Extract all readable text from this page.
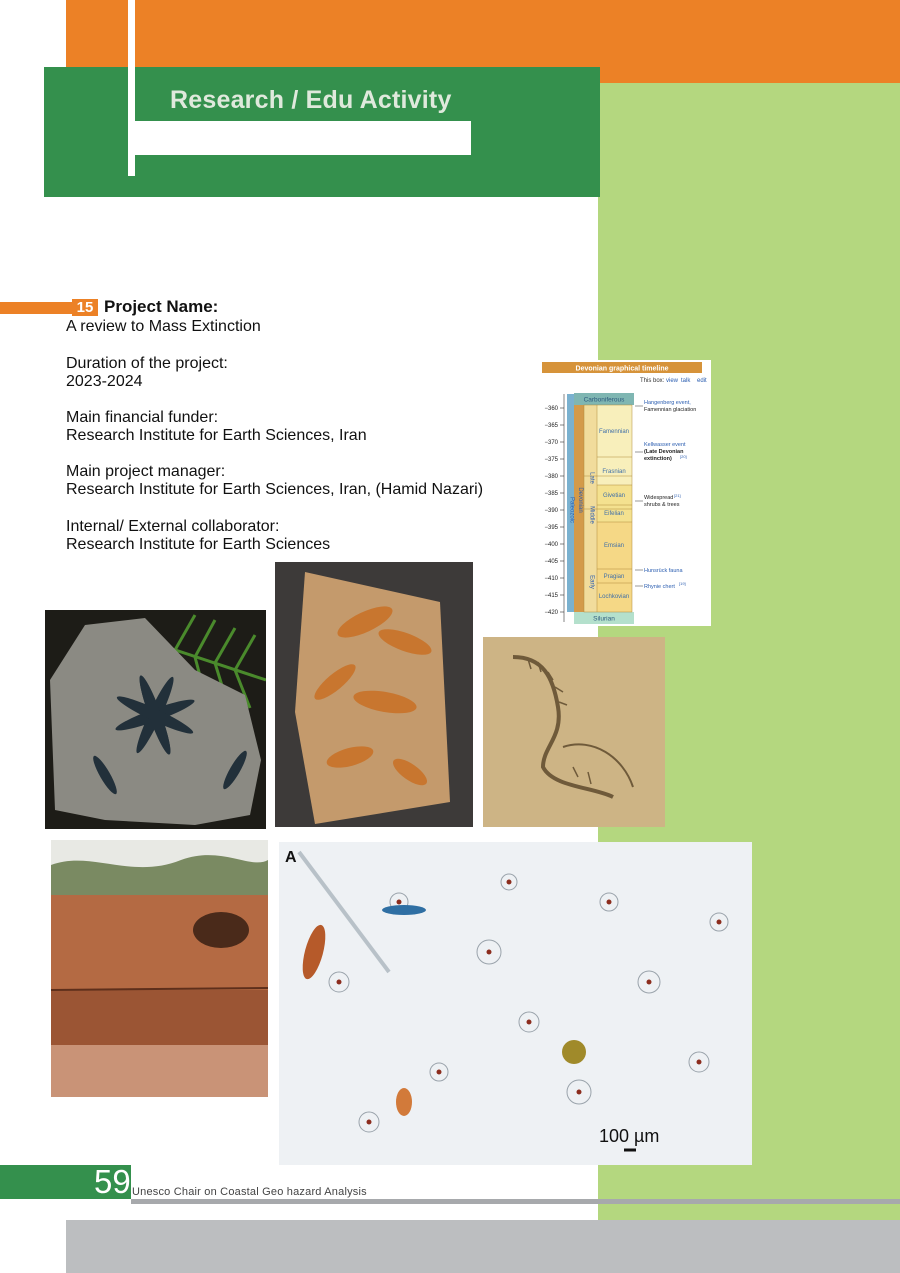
Research / Edu Activity
15 Project Name:
A review to Mass Extinction
Duration of the project:
2023-2024
Main financial funder:
Research Institute for Earth Sciences, Iran
Main project manager:
Research Institute for Earth Sciences, Iran, (Hamid Nazari)
Internal/ External collaborator:
Research Institute for Earth Sciences
Devonian graphical timeline
This box: view talk edit
Carboniferous
Silurian
Famennian
Frasnian
Givetian
Eifelian
Emsian
Pragian
Lochkovian
Late
Middle
Early
Devonian
Paleozoic
−360
−365
−370
−375
−380
−385
−390
−395
−400
−405
−410
−415
−420
Hangenberg event,
Famennian glaciation
Kellwasser event
(Late Devonian
extinction) [20]
Widespread [21]
shrubs & trees
Hunsrück fauna
Rhynie chert
[19]
A
100 µm
59 Unesco Chair on Coastal Geo hazard Analysis
